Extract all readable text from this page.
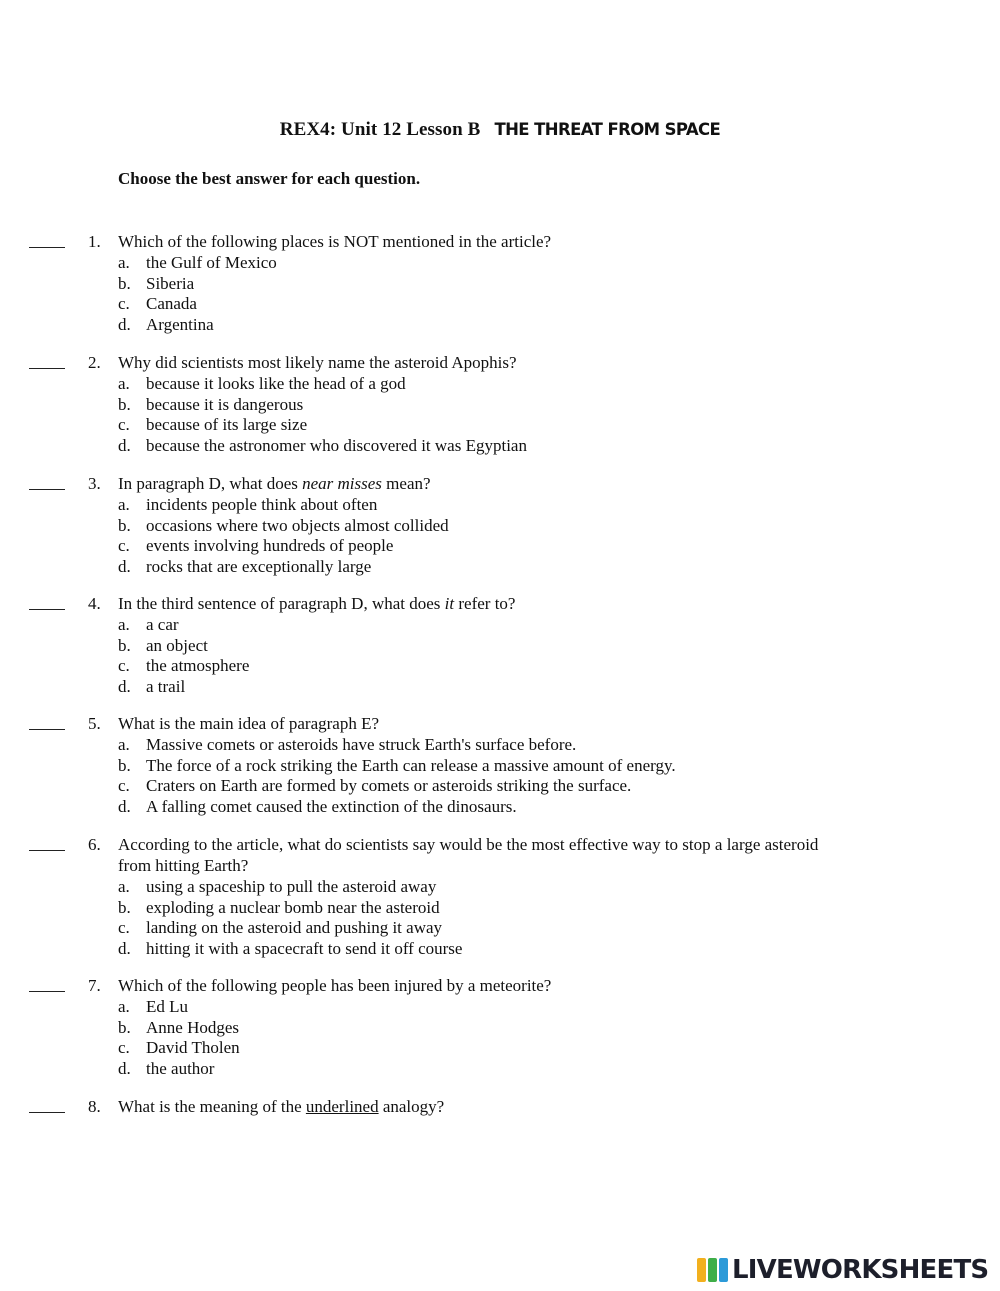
REX4: Unit 12 Lesson B THE THREAT FROM SPACE
Choose the best answer for each question.
1. Which of the following places is NOT mentioned in the article?
a. the Gulf of Mexico
b. Siberia
c. Canada
d. Argentina
2. Why did scientists most likely name the asteroid Apophis?
a. because it looks like the head of a god
b. because it is dangerous
c. because of its large size
d. because the astronomer who discovered it was Egyptian
3. In paragraph D, what does near misses mean?
a. incidents people think about often
b. occasions where two objects almost collided
c. events involving hundreds of people
d. rocks that are exceptionally large
4. In the third sentence of paragraph D, what does it refer to?
a. a car
b. an object
c. the atmosphere
d. a trail
5. What is the main idea of paragraph E?
a. Massive comets or asteroids have struck Earth's surface before.
b. The force of a rock striking the Earth can release a massive amount of energy.
c. Craters on Earth are formed by comets or asteroids striking the surface.
d. A falling comet caused the extinction of the dinosaurs.
6. According to the article, what do scientists say would be the most effective way to stop a large asteroid
from hitting Earth?
a. using a spaceship to pull the asteroid away
b. exploding a nuclear bomb near the asteroid
c. landing on the asteroid and pushing it away
d. hitting it with a spacecraft to send it off course
7. Which of the following people has been injured by a meteorite?
a. Ed Lu
b. Anne Hodges
c. David Tholen
d. the author
8. What is the meaning of the underlined analogy?
LIVEWORKSHEETS
